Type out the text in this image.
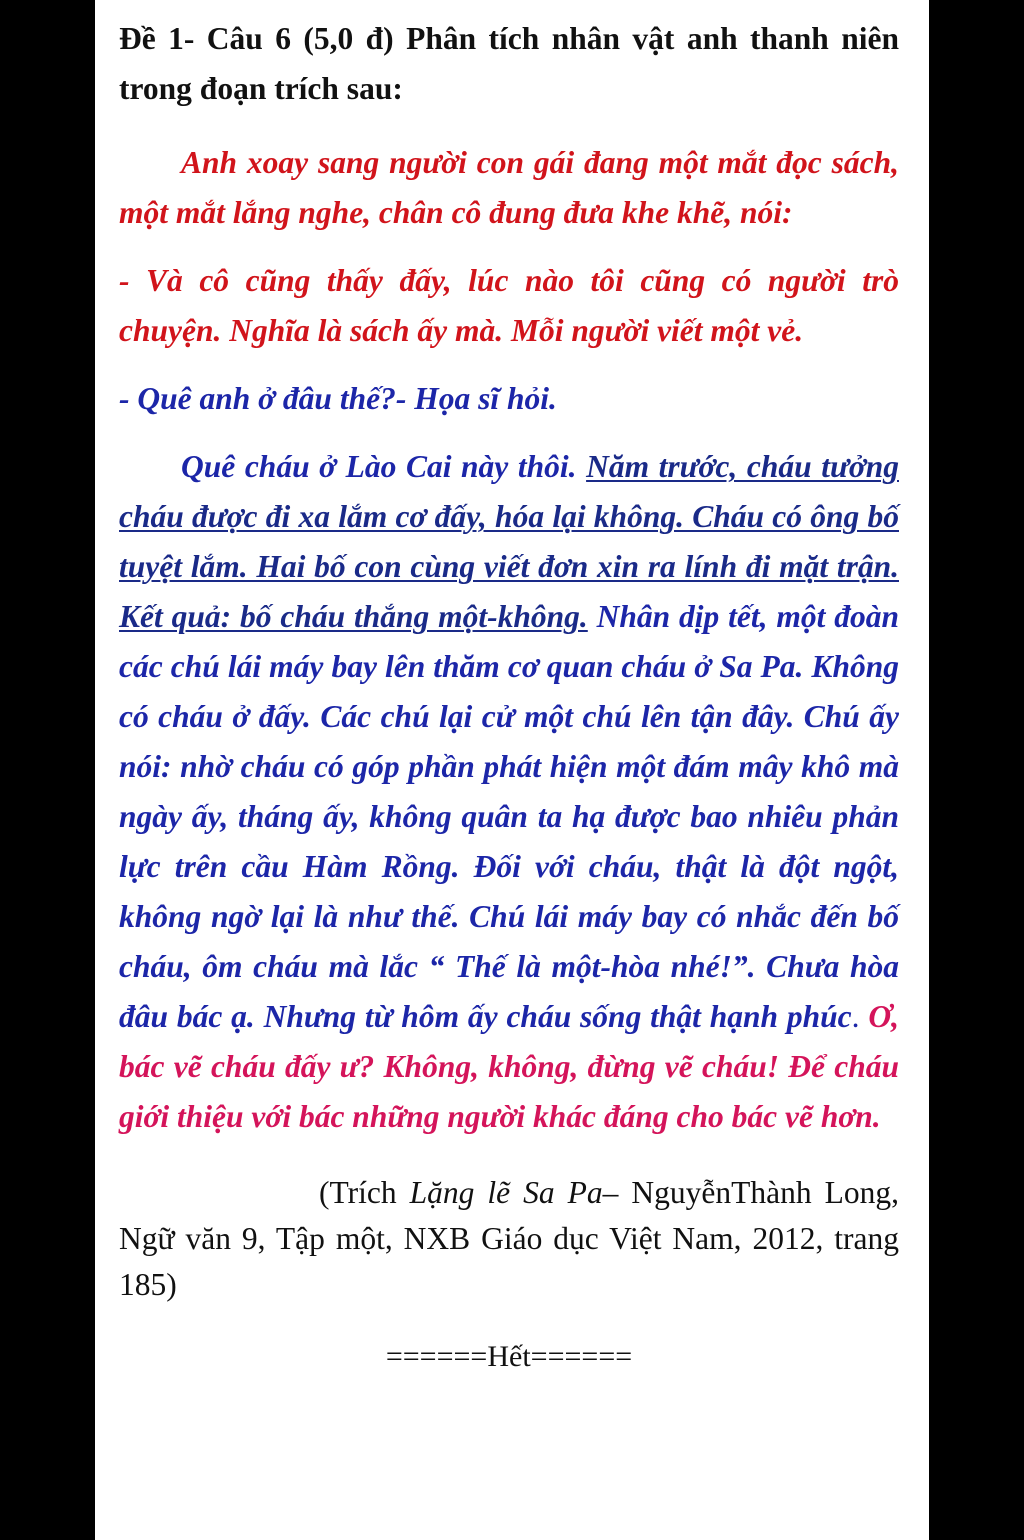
Đề 1- Câu 6 (5,0 đ) Phân tích nhân vật anh thanh niên trong đoạn trích sau:

Anh xoay sang người con gái đang một mắt đọc sách, một mắt lắng nghe, chân cô đung đưa khe khẽ, nói:

- Và cô cũng thấy đấy, lúc nào tôi cũng có người trò chuyện. Nghĩa là sách ấy mà. Mỗi người viết một vẻ.

- Quê anh ở đâu thế?- Họa sĩ hỏi.

Quê cháu ở Lào Cai này thôi. Năm trước, cháu tưởng cháu được đi xa lắm cơ đấy, hóa lại không. Cháu có ông bố tuyệt lắm. Hai bố con cùng viết đơn xin ra lính đi mặt trận. Kết quả: bố cháu thắng một-không. Nhân dịp tết, một đoàn các chú lái máy bay lên thăm cơ quan cháu ở Sa Pa. Không có cháu ở đấy. Các chú lại cử một chú lên tận đây. Chú ấy nói: nhờ cháu có góp phần phát hiện một đám mây khô mà ngày ấy, tháng ấy, không quân ta hạ được bao nhiêu phản lực trên cầu Hàm Rồng. Đối với cháu, thật là đột ngột, không ngờ lại là như thế. Chú lái máy bay có nhắc đến bố cháu, ôm cháu mà lắc “ Thế là một-hòa nhé!”. Chưa hòa đâu bác ạ. Nhưng từ hôm ấy cháu sống thật hạnh phúc. Ơ, bác vẽ cháu đấy ư? Không, không, đừng vẽ cháu! Để cháu giới thiệu với bác những người khác đáng cho bác vẽ hơn.

(Trích Lặng lẽ Sa Pa– NguyễnThành Long, Ngữ văn 9, Tập một, NXB Giáo dục Việt Nam, 2012, trang 185)

======Hết======
